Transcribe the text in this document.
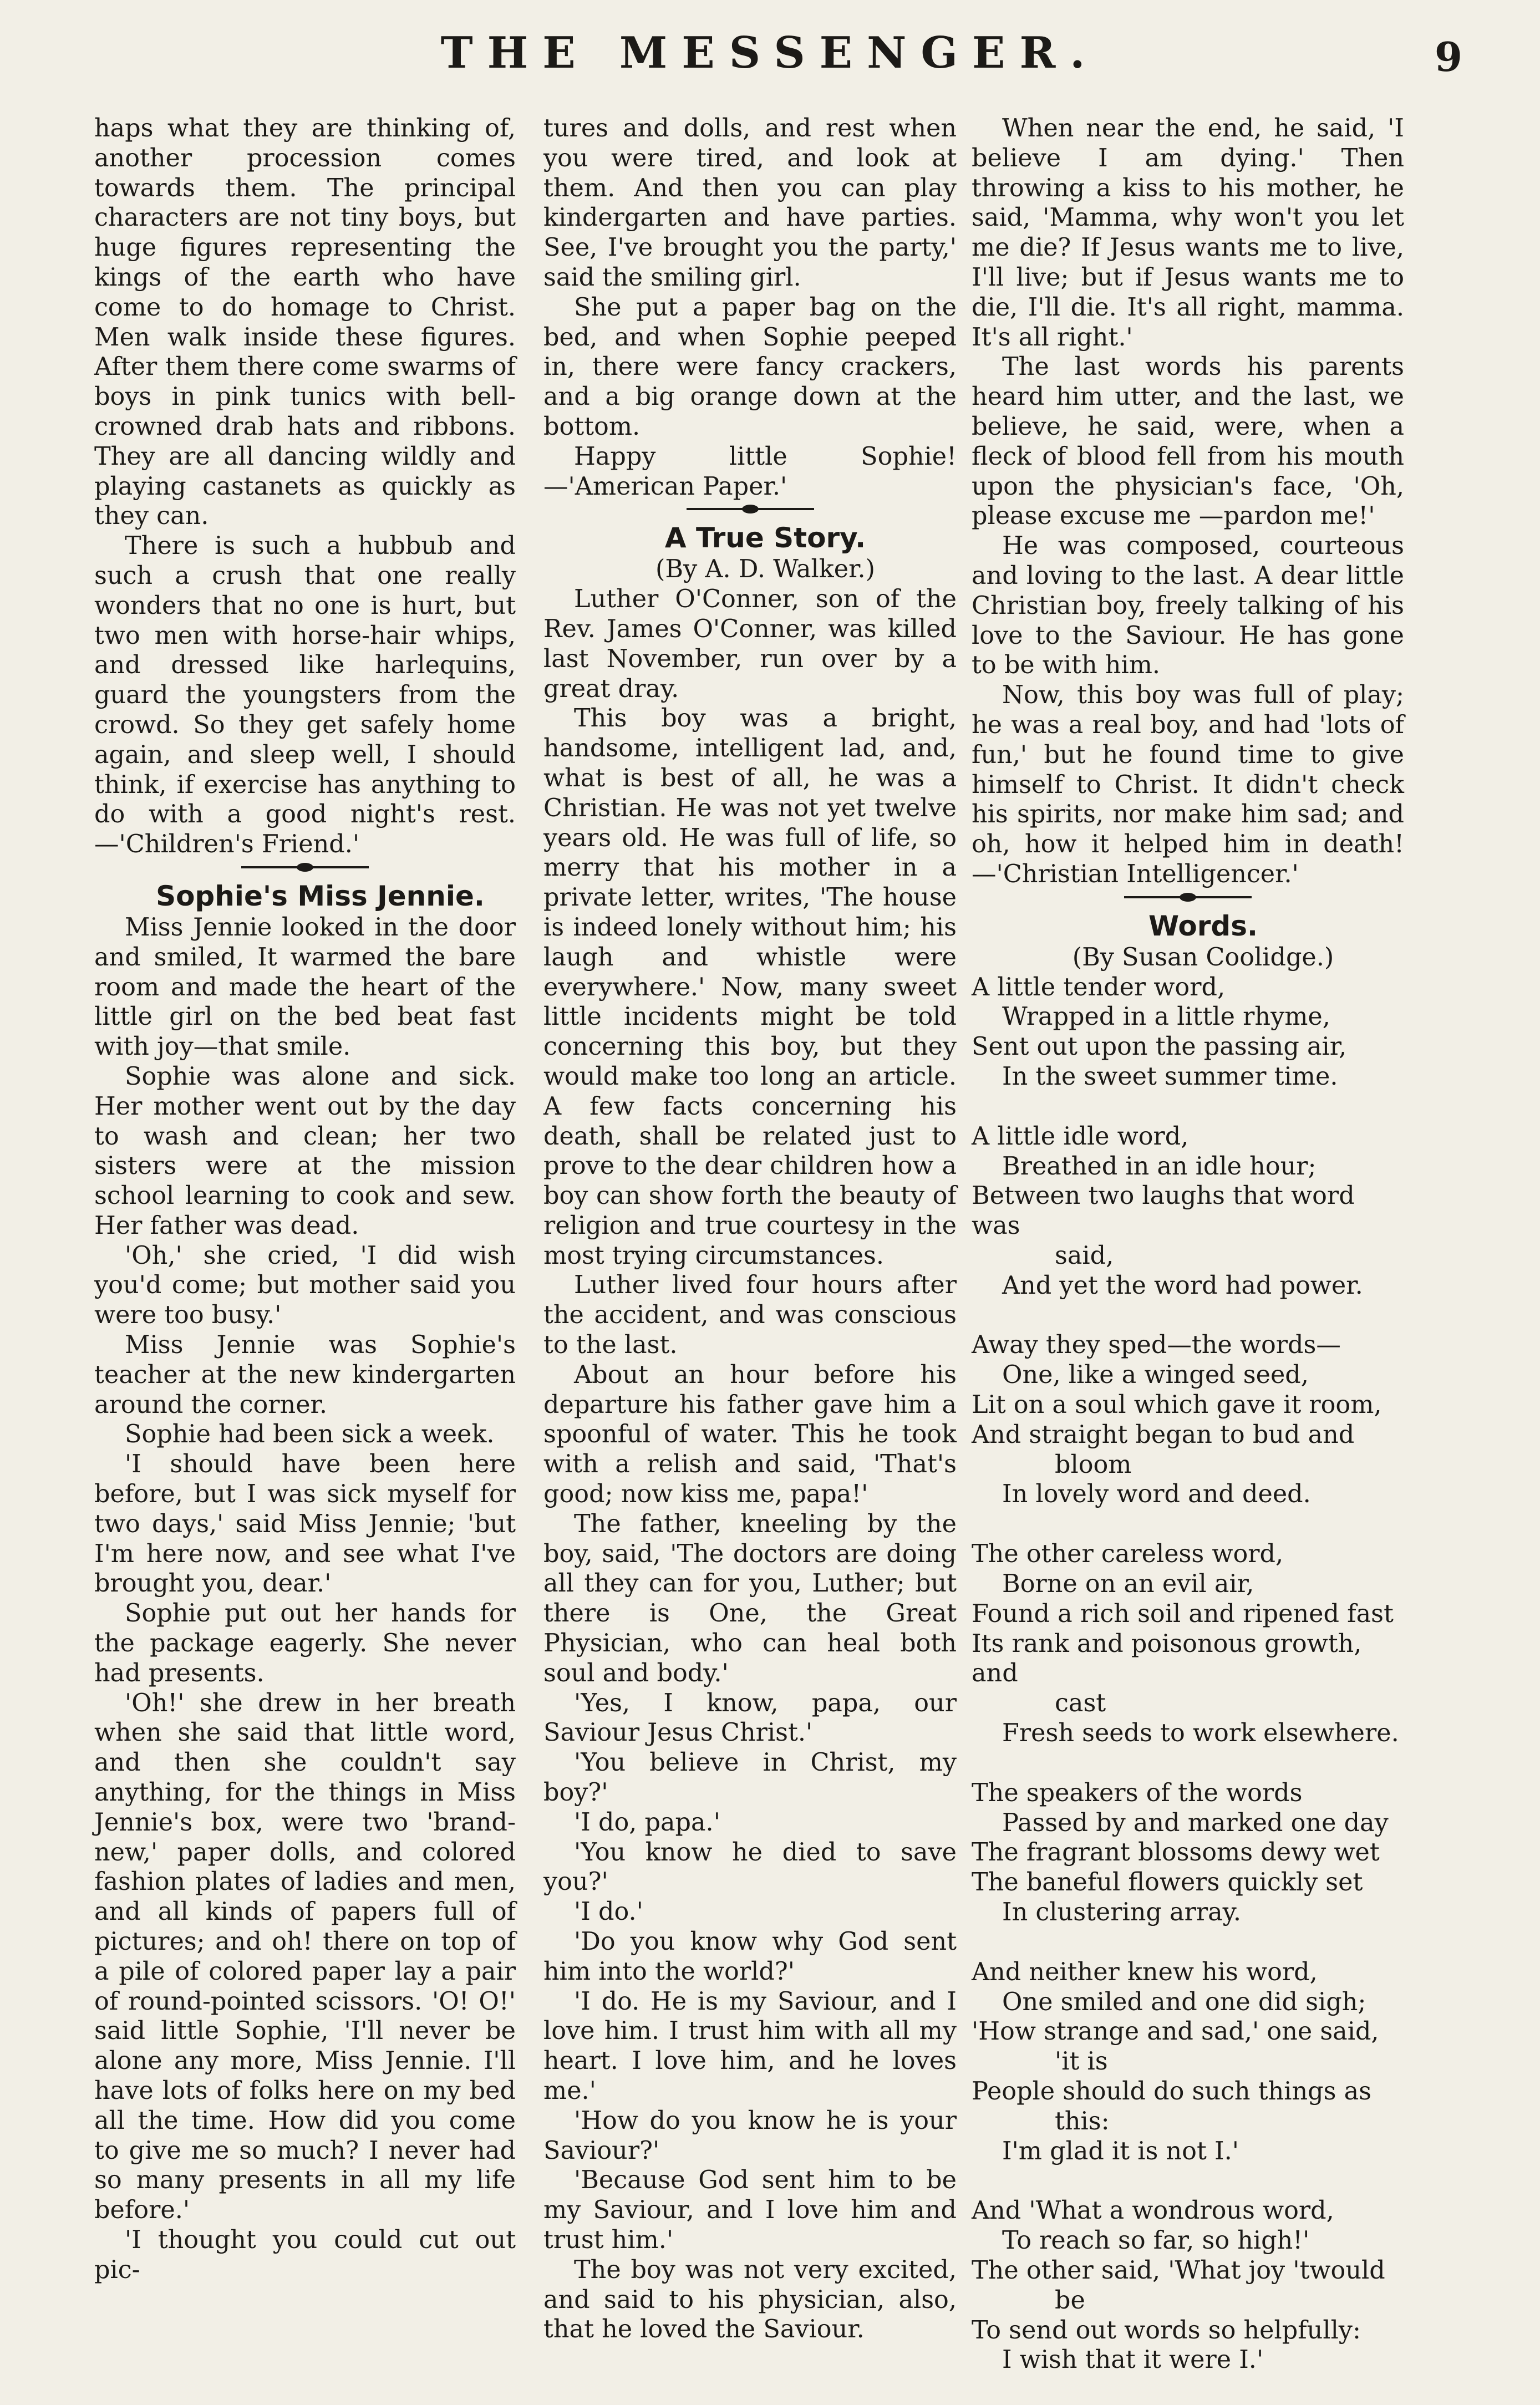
THE MESSENGER.	9

haps what they are thinking of, another procession comes towards them. The principal characters are not tiny boys, but huge figures representing the kings of the earth who have come to do homage to Christ. Men walk inside these figures. After them there come swarms of boys in pink tunics with bell-crowned drab hats and ribbons. They are all dancing wildly and playing castanets as quickly as they can.

There is such a hubbub and such a crush that one really wonders that no one is hurt, but two men with horse-hair whips, and dressed like harlequins, guard the youngsters from the crowd. So they get safely home again, and sleep well, I should think, if exercise has anything to do with a good night's rest.—'Children's Friend.'

Sophie's Miss Jennie.

Miss Jennie looked in the door and smiled, It warmed the bare room and made the heart of the little girl on the bed beat fast with joy—that smile.

Sophie was alone and sick. Her mother went out by the day to wash and clean; her two sisters were at the mission school learning to cook and sew. Her father was dead.

'Oh,' she cried, 'I did wish you'd come; but mother said you were too busy.'

Miss Jennie was Sophie's teacher at the new kindergarten around the corner.

Sophie had been sick a week.

'I should have been here before, but I was sick myself for two days,' said Miss Jennie; 'but I'm here now, and see what I've brought you, dear.'

Sophie put out her hands for the package eagerly. She never had presents.

'Oh!' she drew in her breath when she said that little word, and then she couldn't say anything, for the things in Miss Jennie's box, were two 'brand-new,' paper dolls, and colored fashion plates of ladies and men, and all kinds of papers full of pictures; and oh! there on top of a pile of colored paper lay a pair of round-pointed scissors. 'O! O!' said little Sophie, 'I'll never be alone any more, Miss Jennie. I'll have lots of folks here on my bed all the time. How did you come to give me so much? I never had so many presents in all my life before.'

'I thought you could cut out pic-

tures and dolls, and rest when you were tired, and look at them. And then you can play kindergarten and have parties. See, I've brought you the party,' said the smiling girl.

She put a paper bag on the bed, and when Sophie peeped in, there were fancy crackers, and a big orange down at the bottom.

Happy little Sophie!—'American Paper.'

A True Story.

(By A. D. Walker.)

Luther O'Conner, son of the Rev. James O'Conner, was killed last November, run over by a great dray.

This boy was a bright, handsome, intelligent lad, and, what is best of all, he was a Christian. He was not yet twelve years old. He was full of life, so merry that his mother in a private letter, writes, 'The house is indeed lonely without him; his laugh and whistle were everywhere.' Now, many sweet little incidents might be told concerning this boy, but they would make too long an article. A few facts concerning his death, shall be related just to prove to the dear children how a boy can show forth the beauty of religion and true courtesy in the most trying circumstances.

Luther lived four hours after the accident, and was conscious to the last.

About an hour before his departure his father gave him a spoonful of water. This he took with a relish and said, 'That's good; now kiss me, papa!'

The father, kneeling by the boy, said, 'The doctors are doing all they can for you, Luther; but there is One, the Great Physician, who can heal both soul and body.'

'Yes, I know, papa, our Saviour Jesus Christ.'

'You believe in Christ, my boy?'

'I do, papa.'

'You know he died to save you?'

'I do.'

'Do you know why God sent him into the world?'

'I do. He is my Saviour, and I love him. I trust him with all my heart. I love him, and he loves me.'

'How do you know he is your Saviour?'

'Because God sent him to be my Saviour, and I love him and trust him.'

The boy was not very excited, and said to his physician, also, that he loved the Saviour.

When near the end, he said, 'I believe I am dying.' Then throwing a kiss to his mother, he said, 'Mamma, why won't you let me die? If Jesus wants me to live, I'll live; but if Jesus wants me to die, I'll die. It's all right, mamma. It's all right.'

The last words his parents heard him utter, and the last, we believe, he said, were, when a fleck of blood fell from his mouth upon the physician's face, 'Oh, please excuse me —pardon me!'

He was composed, courteous and loving to the last. A dear little Christian boy, freely talking of his love to the Saviour. He has gone to be with him.

Now, this boy was full of play; he was a real boy, and had 'lots of fun,' but he found time to give himself to Christ. It didn't check his spirits, nor make him sad; and oh, how it helped him in death!—'Christian Intelligencer.'

Words.

(By Susan Coolidge.)

A little tender word,
Wrapped in a little rhyme,
Sent out upon the passing air,
In the sweet summer time.
A little idle word,
Breathed in an idle hour;
Between two laughs that word was
said,
And yet the word had power.
Away they sped—the words—
One, like a winged seed,
Lit on a soul which gave it room,
And straight began to bud and
bloom
In lovely word and deed.
The other careless word,
Borne on an evil air,
Found a rich soil and ripened fast
Its rank and poisonous growth, and
cast
Fresh seeds to work elsewhere.
The speakers of the words
Passed by and marked one day
The fragrant blossoms dewy wet
The baneful flowers quickly set
In clustering array.
And neither knew his word,
One smiled and one did sigh;
'How strange and sad,' one said,
'it is
People should do such things as
this:
I'm glad it is not I.'
And 'What a wondrous word,
To reach so far, so high!'
The other said, 'What joy 'twould
be
To send out words so helpfully:
I wish that it were I.'
